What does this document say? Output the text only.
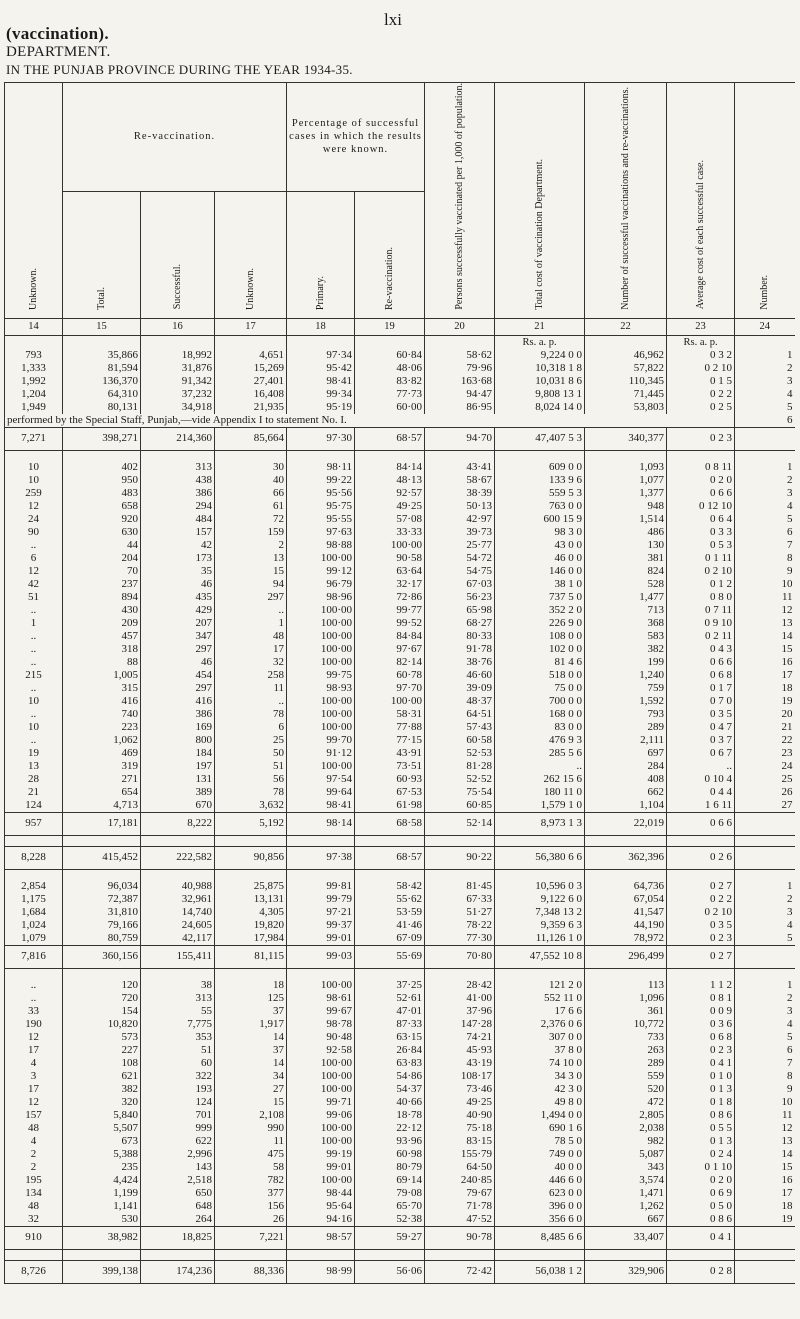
lxi
(vaccination).
DEPARTMENT.
IN THE PUNJAB PROVINCE DURING THE YEAR 1934-35.
	Re-vaccination.			Percentage of successful cases in which the results were known.		Persons successfully vaccinated per 1,000 of population.	Total cost of vaccination Department.	Number of successful vaccinations and re-vaccinations.	Average cost of each successful case.	
Unknown.	Total.	Successful.	Unknown.	Primary.	Re-vaccination.					Number.
14	15	16	17	18	19	20	21	22	23	24
							Rs. a. p.		Rs. a. p.	
793	35,866	18,992	4,651	97·34	60·84	58·62	9,224 0 0	46,962	0 3 2	1
1,333	81,594	31,876	15,269	95·42	48·06	79·96	10,318 1 8	57,822	0 2 10	2
1,992	136,370	91,342	27,401	98·41	83·82	163·68	10,031 8 6	110,345	0 1 5	3
1,204	64,310	37,232	16,408	99·34	77·73	94·47	9,808 13 1	71,445	0 2 2	4
1,949	80,131	34,918	21,935	95·19	60·00	86·95	8,024 14 0	53,803	0 2 5	5
performed by the Special Staff, Punjab,—vide Appendix I to statement No. I.										6
7,271	398,271	214,360	85,664	97·30	68·57	94·70	47,407 5 3	340,377	0 2 3	

10	402	313	30	98·11	84·14	43·41	609 0 0	1,093	0 8 11	1
10	950	438	40	99·22	48·13	58·67	133 9 6	1,077	0 2 0	2
259	483	386	66	95·56	92·57	38·39	559 5 3	1,377	0 6 6	3
12	658	294	61	95·75	49·25	50·13	763 0 0	948	0 12 10	4
24	920	484	72	95·55	57·08	42·97	600 15 9	1,514	0 6 4	5
90	630	157	159	97·63	33·33	39·73	98 3 0	486	0 3 3	6
..	44	42	2	98·88	100·00	25·77	43 0 0	130	0 5 3	7
6	204	173	13	100·00	90·58	54·72	46 0 0	381	0 1 11	8
12	70	35	15	99·12	63·64	54·75	146 0 0	824	0 2 10	9
42	237	46	94	96·79	32·17	67·03	38 1 0	528	0 1 2	10
51	894	435	297	98·96	72·86	56·23	737 5 0	1,477	0 8 0	11
..	430	429	..	100·00	99·77	65·98	352 2 0	713	0 7 11	12
1	209	207	1	100·00	99·52	68·27	226 9 0	368	0 9 10	13
..	457	347	48	100·00	84·84	80·33	108 0 0	583	0 2 11	14
..	318	297	17	100·00	97·67	91·78	102 0 0	382	0 4 3	15
..	88	46	32	100·00	82·14	38·76	81 4 6	199	0 6 6	16
215	1,005	454	258	99·75	60·78	46·60	518 0 0	1,240	0 6 8	17
..	315	297	11	98·93	97·70	39·09	75 0 0	759	0 1 7	18
10	416	416	..	100·00	100·00	48·37	700 0 0	1,592	0 7 0	19
..	740	386	78	100·00	58·31	64·51	168 0 0	793	0 3 5	20
10	223	169	6	100·00	77·88	57·43	83 0 0	289	0 4 7	21
..	1,062	800	25	99·70	77·15	60·58	476 9 3	2,111	0 3 7	22
19	469	184	50	91·12	43·91	52·53	285 5 6	697	0 6 7	23
13	319	197	51	100·00	73·51	81·28	..	284	..	24
28	271	131	56	97·54	60·93	52·52	262 15 6	408	0 10 4	25
21	654	389	78	99·64	67·53	75·54	180 11 0	662	0 4 4	26
124	4,713	670	3,632	98·41	61·98	60·85	1,579 1 0	1,104	1 6 11	27
957	17,181	8,222	5,192	98·14	68·58	52·14	8,973 1 3	22,019	0 6 6	

8,228	415,452	222,582	90,856	97·38	68·57	90·22	56,380 6 6	362,396	0 2 6	

2,854	96,034	40,988	25,875	99·81	58·42	81·45	10,596 0 3	64,736	0 2 7	1
1,175	72,387	32,961	13,131	99·79	55·62	67·33	9,122 6 0	67,054	0 2 2	2
1,684	31,810	14,740	4,305	97·21	53·59	51·27	7,348 13 2	41,547	0 2 10	3
1,024	79,166	24,605	19,820	99·37	41·46	78·22	9,359 6 3	44,190	0 3 5	4
1,079	80,759	42,117	17,984	99·01	67·09	77·30	11,126 1 0	78,972	0 2 3	5
7,816	360,156	155,411	81,115	99·03	55·69	70·80	47,552 10 8	296,499	0 2 7	

..	120	38	18	100·00	37·25	28·42	121 2 0	113	1 1 2	1
..	720	313	125	98·61	52·61	41·00	552 11 0	1,096	0 8 1	2
33	154	55	37	99·67	47·01	37·96	17 6 6	361	0 0 9	3
190	10,820	7,775	1,917	98·78	87·33	147·28	2,376 0 6	10,772	0 3 6	4
12	573	353	14	90·48	63·15	74·21	307 0 0	733	0 6 8	5
17	227	51	37	92·58	26·84	45·93	37 8 0	263	0 2 3	6
4	108	60	14	100·00	63·83	43·19	74 10 0	289	0 4 1	7
3	621	322	34	100·00	54·86	108·17	34 3 0	559	0 1 0	8
17	382	193	27	100·00	54·37	73·46	42 3 0	520	0 1 3	9
12	320	124	15	99·71	40·66	49·25	49 8 0	472	0 1 8	10
157	5,840	701	2,108	99·06	18·78	40·90	1,494 0 0	2,805	0 8 6	11
48	5,507	999	990	100·00	22·12	75·18	690 1 6	2,038	0 5 5	12
4	673	622	11	100·00	93·96	83·15	78 5 0	982	0 1 3	13
2	5,388	2,996	475	99·19	60·98	155·79	749 0 0	5,087	0 2 4	14
2	235	143	58	99·01	80·79	64·50	40 0 0	343	0 1 10	15
195	4,424	2,518	782	100·00	69·14	240·85	446 6 0	3,574	0 2 0	16
134	1,199	650	377	98·44	79·08	79·67	623 0 0	1,471	0 6 9	17
48	1,141	648	156	95·64	65·70	71·78	396 0 0	1,262	0 5 0	18
32	530	264	26	94·16	52·38	47·52	356 6 0	667	0 8 6	19
910	38,982	18,825	7,221	98·57	59·27	90·78	8,485 6 6	33,407	0 4 1	

8,726	399,138	174,236	88,336	98·99	56·06	72·42	56,038 1 2	329,906	0 2 8	
